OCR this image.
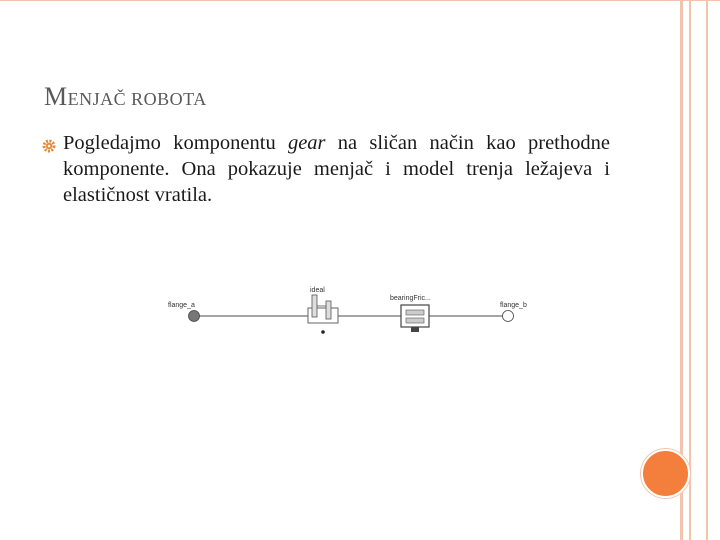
MENJAČ ROBOTA

Pogledajmo komponentu gear na sličan način kao prethodne komponente. Ona pokazuje menjač i model trenja ležajeva i elastičnost vratila.

flange_a
ideal
bearingFric...
flange_b
